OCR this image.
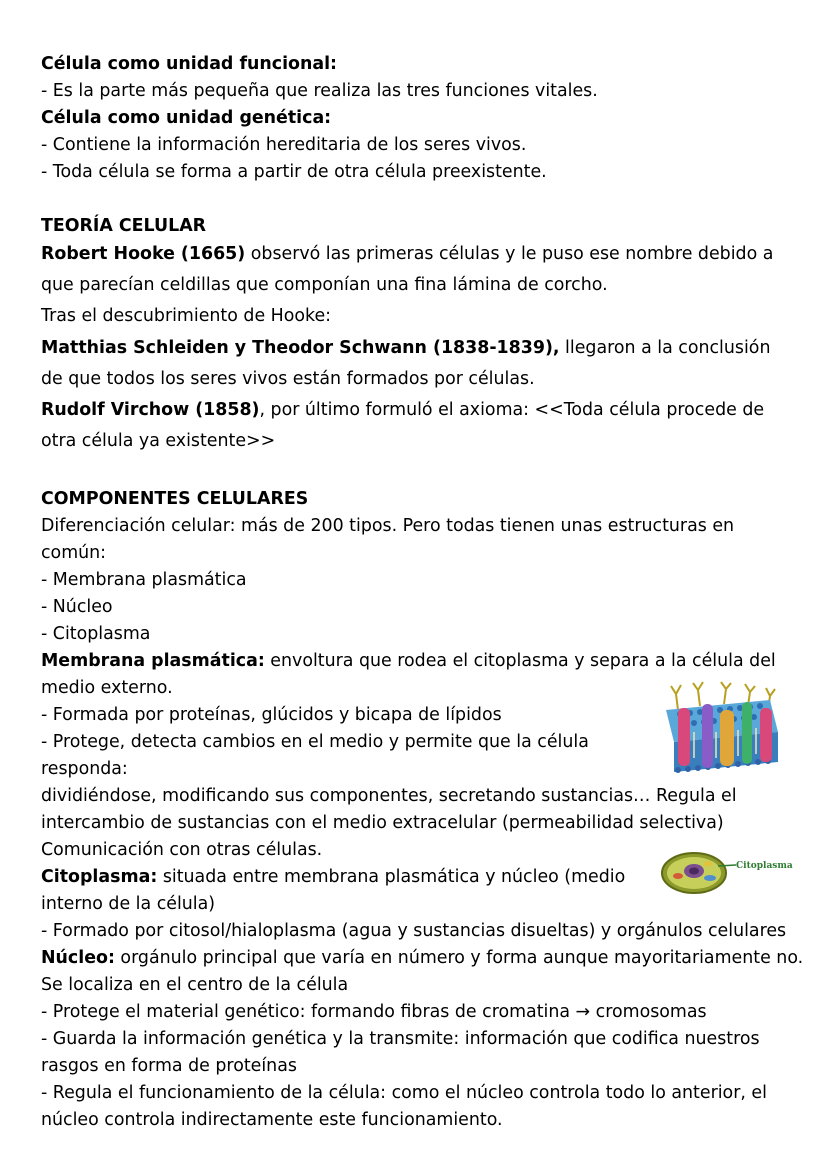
Célula como unidad funcional:
- Es la parte más pequeña que realiza las tres funciones vitales.
Célula como unidad genética:
- Contiene la información hereditaria de los seres vivos.
- Toda célula se forma a partir de otra célula preexistente.
TEORÍA CELULAR
Robert Hooke (1665) observó las primeras células y le puso ese nombre debido a
que parecían celdillas que componían una fina lámina de corcho.
Tras el descubrimiento de Hooke:
Matthias Schleiden y Theodor Schwann (1838-1839), llegaron a la conclusión
de que todos los seres vivos están formados por células.
Rudolf Virchow (1858), por último formuló el axioma: <<Toda célula procede de
otra célula ya existente>>
COMPONENTES CELULARES
Diferenciación celular: más de 200 tipos. Pero todas tienen unas estructuras en
común:
- Membrana plasmática
- Núcleo
- Citoplasma
Membrana plasmática: envoltura que rodea el citoplasma y separa a la célula del
medio externo.
- Formada por proteínas, glúcidos y bicapa de lípidos
- Protege, detecta cambios en el medio y permite que la célula
responda:
dividiéndose, modificando sus componentes, secretando sustancias… Regula el
intercambio de sustancias con el medio extracelular (permeabilidad selectiva)
Comunicación con otras células.
Citoplasma: situada entre membrana plasmática y núcleo (medio
interno de la célula)
- Formado por citosol/hialoplasma (agua y sustancias disueltas) y orgánulos celulares
Núcleo: orgánulo principal que varía en número y forma aunque mayoritariamente no.
Se localiza en el centro de la célula
- Protege el material genético: formando fibras de cromatina → cromosomas
- Guarda la información genética y la transmite: información que codifica nuestros
rasgos en forma de proteínas
- Regula el funcionamiento de la célula: como el núcleo controla todo lo anterior, el
núcleo controla indirectamente este funcionamiento.
Citoplasma
